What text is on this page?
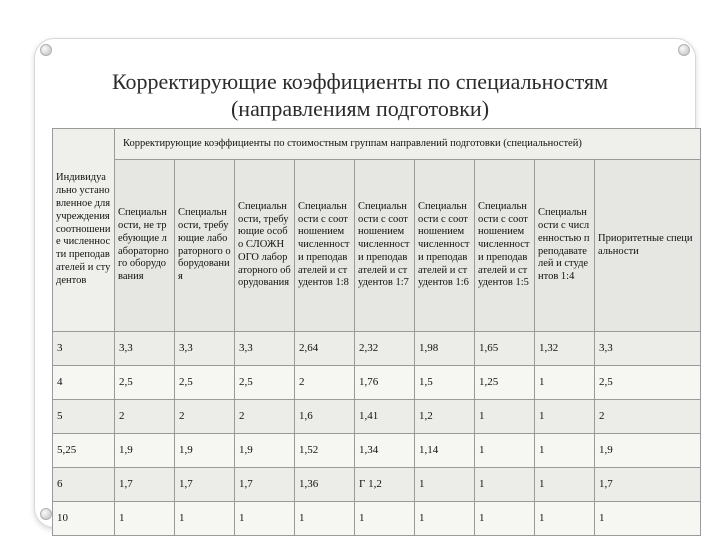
Корректирующие коэффициенты по специальностям (направлениям подготовки)
Индивидуально установленное для учреждения соотношение численности преподавателей и студентов	Корректирующие коэффициенты по стоимостным группам направлений подготовки (специальностей)								
	Специальности, не требующие лабораторного оборудования	Специальности, требующие лабораторного оборудования	Специальности, требующие особо СЛОЖНОГО лабораторного оборудования	Специальности с соотношением численности преподавателей и студентов 1:8	Специальности с соотношением численности преподавателей и студентов 1:7	Специальности с соотношением численности преподавателей и студентов 1:6	Специальности с соотношением численности преподавателей и студентов 1:5	Специальности с численностью преподавателей и студентов 1:4	Приоритетные специальности
3	3,3	3,3	3,3	2,64	2,32	1,98	1,65	1,32	3,3
4	2,5	2,5	2,5	2	1,76	1,5	1,25	1	2,5
5	2	2	2	1,6	1,41	1,2	1	1	2
5,25	1,9	1,9	1,9	1,52	1,34	1,14	1	1	1,9
6	1,7	1,7	1,7	1,36	Г 1,2	1	1	1	1,7
10	1	1	1	1	1	1	1	1	1
